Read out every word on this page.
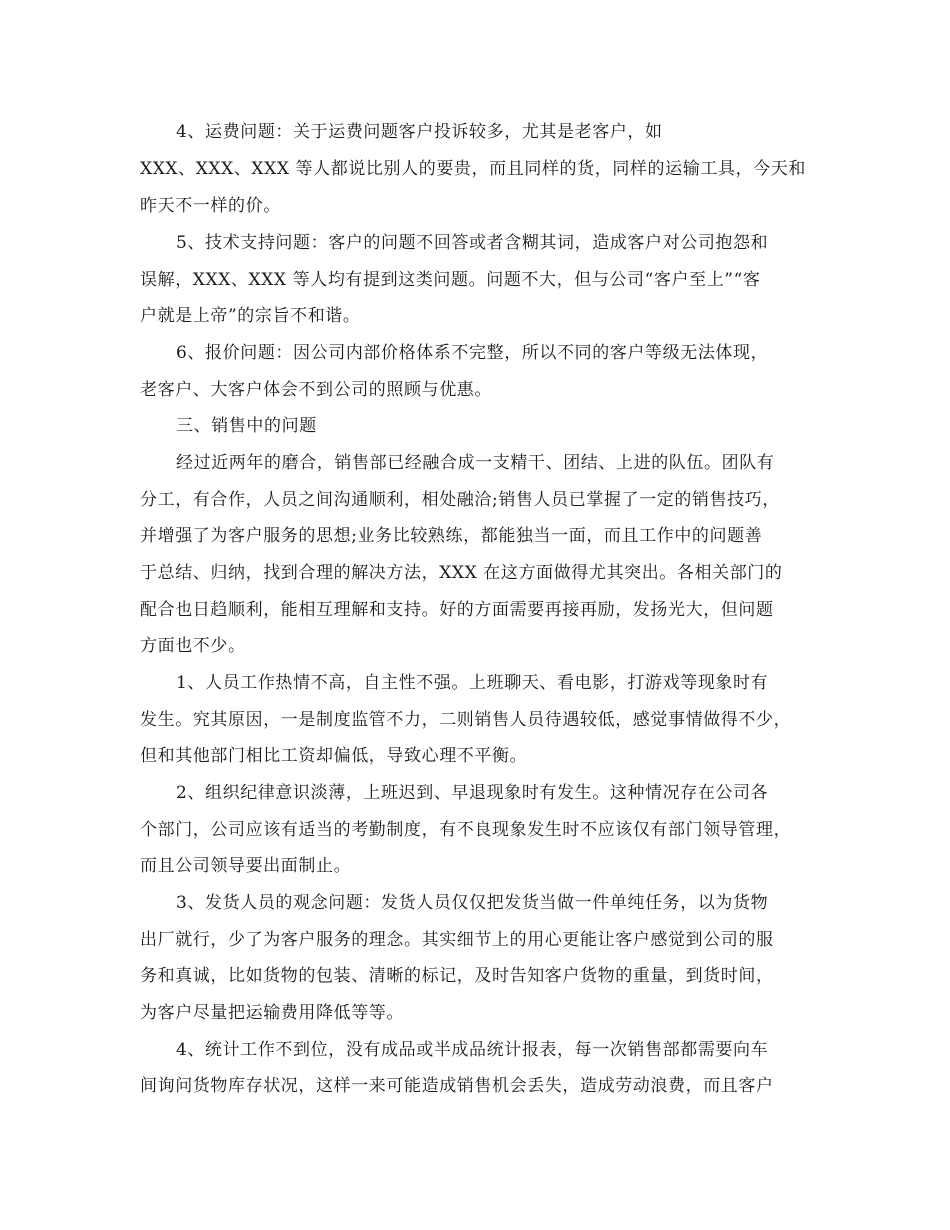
4、运费问题：关于运费问题客户投诉较多，尤其是老客户，如
XXX、XXX、XXX 等人都说比别人的要贵，而且同样的货，同样的运输工具，今天和
昨天不一样的价。
5、技术支持问题：客户的问题不回答或者含糊其词，造成客户对公司抱怨和
误解，XXX、XXX 等人均有提到这类问题。问题不大，但与公司“客户至上”“客
户就是上帝”的宗旨不和谐。
6、报价问题：因公司内部价格体系不完整，所以不同的客户等级无法体现，
老客户、大客户体会不到公司的照顾与优惠。
三、销售中的问题
经过近两年的磨合，销售部已经融合成一支精干、团结、上进的队伍。团队有
分工，有合作，人员之间沟通顺利，相处融洽;销售人员已掌握了一定的销售技巧，
并增强了为客户服务的思想;业务比较熟练，都能独当一面，而且工作中的问题善
于总结、归纳，找到合理的解决方法，XXX 在这方面做得尤其突出。各相关部门的
配合也日趋顺利，能相互理解和支持。好的方面需要再接再励，发扬光大，但问题
方面也不少。
1、人员工作热情不高，自主性不强。上班聊天、看电影，打游戏等现象时有
发生。究其原因，一是制度监管不力，二则销售人员待遇较低，感觉事情做得不少，
但和其他部门相比工资却偏低，导致心理不平衡。
2、组织纪律意识淡薄，上班迟到、早退现象时有发生。这种情况存在公司各
个部门，公司应该有适当的考勤制度，有不良现象发生时不应该仅有部门领导管理，
而且公司领导要出面制止。
3、发货人员的观念问题：发货人员仅仅把发货当做一件单纯任务，以为货物
出厂就行，少了为客户服务的理念。其实细节上的用心更能让客户感觉到公司的服
务和真诚，比如货物的包装、清晰的标记，及时告知客户货物的重量，到货时间，
为客户尽量把运输费用降低等等。
4、统计工作不到位，没有成品或半成品统计报表，每一次销售部都需要向车
间询问货物库存状况，这样一来可能造成销售机会丢失，造成劳动浪费，而且客户
